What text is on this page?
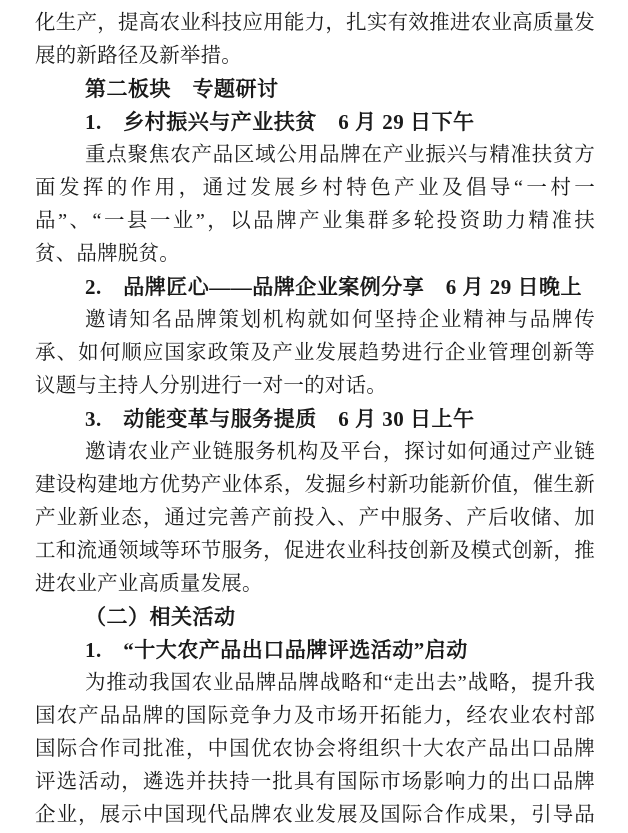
化生产，提高农业科技应用能力，扎实有效推进农业高质量发
展的新路径及新举措。
第二板块　专题研讨
1.　乡村振兴与产业扶贫　6 月 29 日下午
重点聚焦农产品区域公用品牌在产业振兴与精准扶贫方
面发挥的作用，通过发展乡村特色产业及倡导“一村一
品”、“一县一业”，以品牌产业集群多轮投资助力精准扶
贫、品牌脱贫。
2.　品牌匠心——品牌企业案例分享　6 月 29 日晚上
邀请知名品牌策划机构就如何坚持企业精神与品牌传
承、如何顺应国家政策及产业发展趋势进行企业管理创新等
议题与主持人分别进行一对一的对话。
3.　动能变革与服务提质　6 月 30 日上午
邀请农业产业链服务机构及平台，探讨如何通过产业链
建设构建地方优势产业体系，发掘乡村新功能新价值，催生新
产业新业态，通过完善产前投入、产中服务、产后收储、加
工和流通领域等环节服务，促进农业科技创新及模式创新，推
进农业产业高质量发展。
（二）相关活动
1.　“十大农产品出口品牌评选活动”启动
为推动我国农业品牌品牌战略和“走出去”战略，提升我
国农产品品牌的国际竞争力及市场开拓能力，经农业农村部
国际合作司批准，中国优农协会将组织十大农产品出口品牌
评选活动，遴选并扶持一批具有国际市场影响力的出口品牌
企业，展示中国现代品牌农业发展及国际合作成果，引导品
